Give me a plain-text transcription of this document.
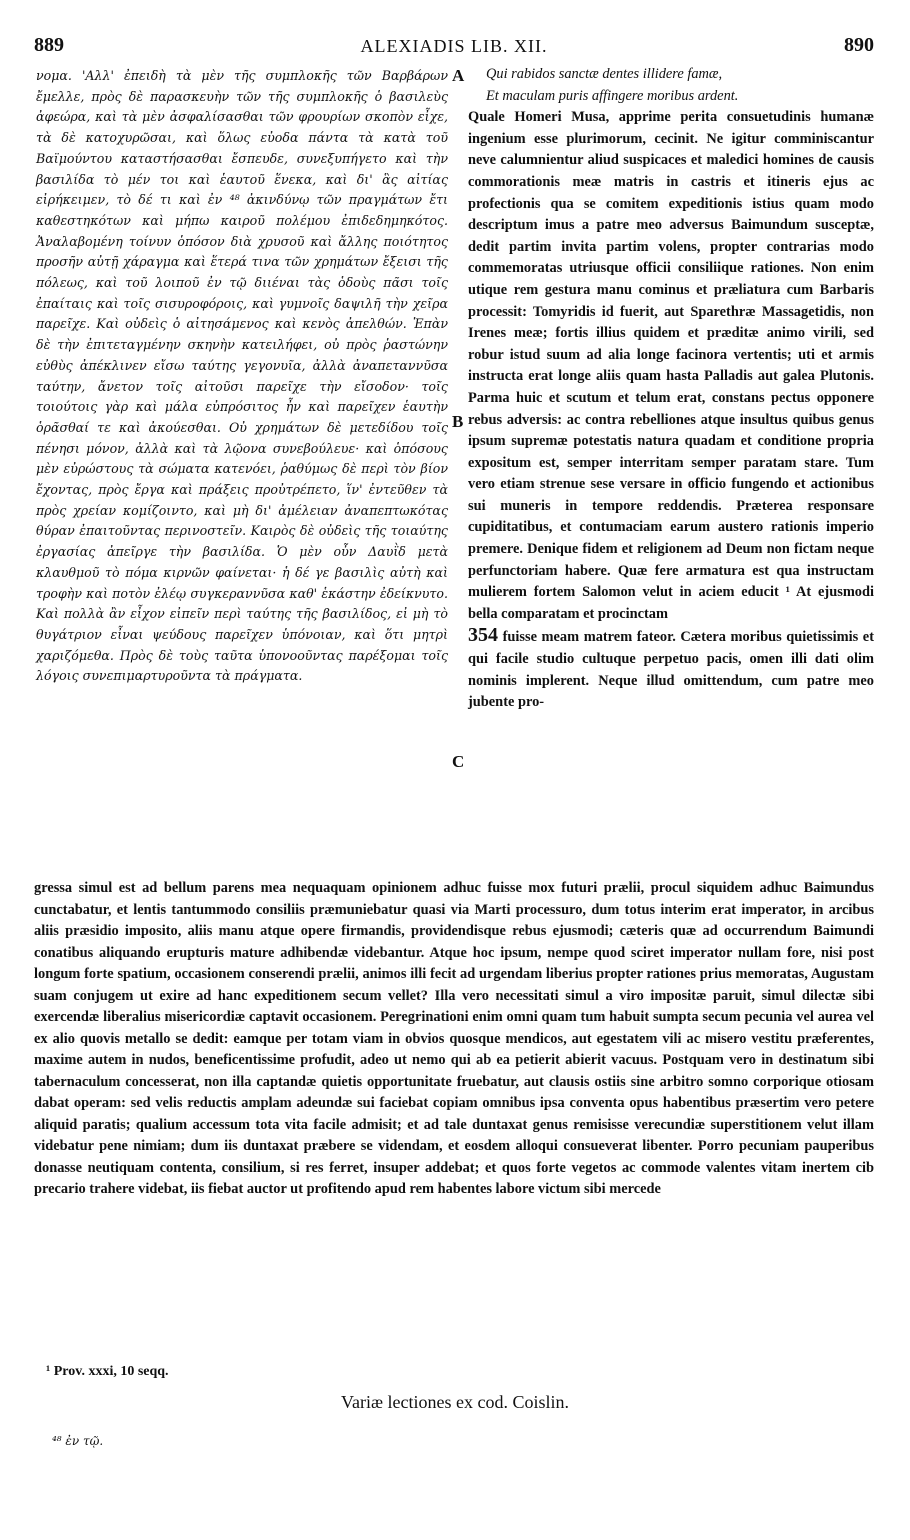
889	ALEXIADIS LIB. XII.	890

νομα. 'Αλλ' ἐπειδὴ τὰ μὲν τῆς συμπλοκῆς τῶν Βαρβάρων ἔμελλε, πρὸς δὲ παρασκευὴν τῶν τῆς συμπλοκῆς ὁ βασιλεὺς ἀφεώρα, καὶ τὰ μὲν ἀσφαλίσασθαι τῶν φρουρίων σκοπὸν εἶχε, τὰ δὲ κατοχυρῶσαι, καὶ ὅλως εὐοδα πάντα τὰ κατὰ τοῦ Βαϊμούντου καταστήσασθαι ἔσπευδε, συνεξυπήγετο καὶ τὴν βασιλίδα τὸ μέν τοι καὶ ἑαυτοῦ ἕνεκα, καὶ δι' ἃς αἰτίας εἰρήκειμεν, τὸ δέ τι καὶ ἐν ⁴⁸ ἀκινδύνῳ τῶν πραγμάτων ἔτι καθεστηκότων καὶ μήπω καιροῦ πολέμου ἐπιδεδημηκότος. Ἀναλαβομένη τοίνυν ὁπόσον διὰ χρυσοῦ καὶ ἄλλης ποιότητος προσῆν αὐτῇ χάραγμα καὶ ἕτερά τινα τῶν χρημάτων ἔξεισι τῆς πόλεως, καὶ τοῦ λοιποῦ ἐν τῷ διιέναι τὰς ὁδοὺς πᾶσι τοῖς ἐπαίταις καὶ τοῖς σισυροφόροις, καὶ γυμνοῖς δαψιλῆ τὴν χεῖρα παρεῖχε. Καὶ οὐδεὶς ὁ αἰτησάμενος καὶ κενὸς ἀπελθών. Ἐπὰν δὲ τὴν ἐπιτεταγμένην σκηνὴν κατειλήφει, οὐ πρὸς ῥαστώνην εὐθὺς ἀπέκλινεν εἴσω ταύτης γεγονυῖα, ἀλλὰ ἀναπεταννῦσα ταύτην, ἄνετον τοῖς αἰτοῦσι παρεῖχε τὴν εἴσοδον· τοῖς τοιούτοις γὰρ καὶ μάλα εὐπρόσιτος ἦν καὶ παρεῖχεν ἑαυτὴν ὁρᾶσθαί τε καὶ ἀκούεσθαι. Οὐ χρημάτων δὲ μετεδίδου τοῖς πένησι μόνον, ἀλλὰ καὶ τὰ λῷονα συνεβούλευε· καὶ ὁπόσους μὲν εὐρώστους τὰ σώματα κατενόει, ῥαθύμως δὲ περὶ τὸν βίον ἔχοντας, πρὸς ἔργα καὶ πράξεις προὐτρέπετο, ἵν' ἐντεῦθεν τὰ πρὸς χρείαν κομίζοιντο, καὶ μὴ δι' ἀμέλειαν ἀναπεπτωκότας θύραν ἐπαιτοῦντας περινοστεῖν. Καιρὸς δὲ οὐδεὶς τῆς τοιαύτης ἐργασίας ἀπεῖργε τὴν βασιλίδα. Ὁ μὲν οὖν Δαυῒδ μετὰ κλαυθμοῦ τὸ πόμα κιρνῶν φαίνεται· ἡ δέ γε βασιλὶς αὐτὴ καὶ τροφὴν καὶ ποτὸν ἐλέῳ συγκεραννῦσα καθ' ἑκάστην ἐδείκνυτο. Καὶ πολλὰ ἂν εἶχον εἰπεῖν περὶ ταύτης τῆς βασιλίδος, εἰ μὴ τὸ θυγάτριον εἶναι ψεύδους παρεῖχεν ὑπόνοιαν, καὶ ὅτι μητρὶ χαριζόμεθα. Πρὸς δὲ τοὺς ταῦτα ὑπονοοῦντας παρέξομαι τοῖς λόγοις συνεπιμαρτυροῦντα τὰ πράγματα.

A
B
C

Qui rabidos sanctæ dentes illidere famæ,

Et maculam puris affingere moribus ardent.

Quale Homeri Musa, apprime perita consuetudinis humanæ ingenium esse plurimorum, cecinit. Ne igitur comminiscantur neve calumnientur aliud suspicaces et maledici homines de causis commorationis meæ matris in castris et itineris ejus ac profectionis qua se comitem expeditionis istius quam modo descriptum imus a patre meo adversus Baimundum susceptæ, dedit partim invita partim volens, propter contrarias modo commemoratas utriusque officii consiliique rationes. Non enim utique rem gestura manu cominus et præliatura cum Barbaris processit: Tomyridis id fuerit, aut Sparethræ Massagetidis, non Irenes meæ; fortis illius quidem et præditæ animo virili, sed robur istud suum ad alia longe facinora vertentis; uti et armis instructa erat longe aliis quam hasta Palladis aut galea Plutonis. Parma huic et scutum et telum erat, constans pectus opponere rebus adversis: ac contra rebelliones atque insultus quibus genus ipsum supremæ potestatis natura quadam et conditione propria expositum est, semper interritam semper paratam stare. Tum vero etiam strenue sese versare in officio fungendo et actionibus sui muneris in tempore reddendis. Præterea responsare cupiditatibus, et contumaciam earum austero rationis imperio premere. Denique fidem et religionem ad Deum non fictam neque perfunctoriam habere. Quæ fere armatura est qua instructam mulierem fortem Salomon velut in aciem educit ¹ At ejusmodi bella comparatam et procinctam

354 fuisse meam matrem fateor. Cætera moribus quietissimis et qui facile studio cultuque perpetuo pacis, omen illi dati olim nominis implerent. Neque illud omittendum, cum patre meo jubente pro-

gressa simul est ad bellum parens mea nequaquam opinionem adhuc fuisse mox futuri prælii, procul siquidem adhuc Baimundus cunctabatur, et lentis tantummodo consiliis præmuniebatur quasi via Marti processuro, dum totus interim erat imperator, in arcibus aliis præsidio imposito, aliis manu atque opere firmandis, providendisque rebus ejusmodi; cæteris quæ ad occurrendum Baimundi conatibus aliquando erupturis mature adhibendæ videbantur. Atque hoc ipsum, nempe quod sciret imperator nullam fore, nisi post longum forte spatium, occasionem conserendi prælii, animos illi fecit ad urgendam liberius propter rationes prius memoratas, Augustam suam conjugem ut exire ad hanc expeditionem secum vellet? Illa vero necessitati simul a viro impositæ paruit, simul dilectæ sibi exercendæ liberalius misericordiæ captavit occasionem. Peregrinationi enim omni quam tum habuit sumpta secum pecunia vel aurea vel ex alio quovis metallo se dedit: eamque per totam viam in obvios quosque mendicos, aut egestatem vili ac misero vestitu præferentes, maxime autem in nudos, beneficentissime profudit, adeo ut nemo qui ab ea petierit abierit vacuus. Postquam vero in destinatum sibi tabernaculum concesserat, non illa captandæ quietis opportunitate fruebatur, aut clausis ostiis sine arbitro somno corporique otiosam dabat operam: sed velis reductis amplam adeundæ sui faciebat copiam omnibus ipsa conventa opus habentibus præsertim vero petere aliquid paratis; qualium accessum tota vita facile admisit; et ad tale duntaxat genus remisisse verecundiæ superstitionem velut illam videbatur pene nimiam; dum iis duntaxat præbere se videndam, et eosdem alloqui consueverat libenter. Porro pecuniam pauperibus donasse neutiquam contenta, consilium, si res ferret, insuper addebat; et quos forte vegetos ac commode valentes vitam inertem cib precario trahere videbat, iis fiebat auctor ut profitendo apud rem habentes labore victum sibi mercede

¹ Prov. xxxi, 10 seqq.
Variæ lectiones ex cod. Coislin.
⁴⁸ ἐν τῷ.
